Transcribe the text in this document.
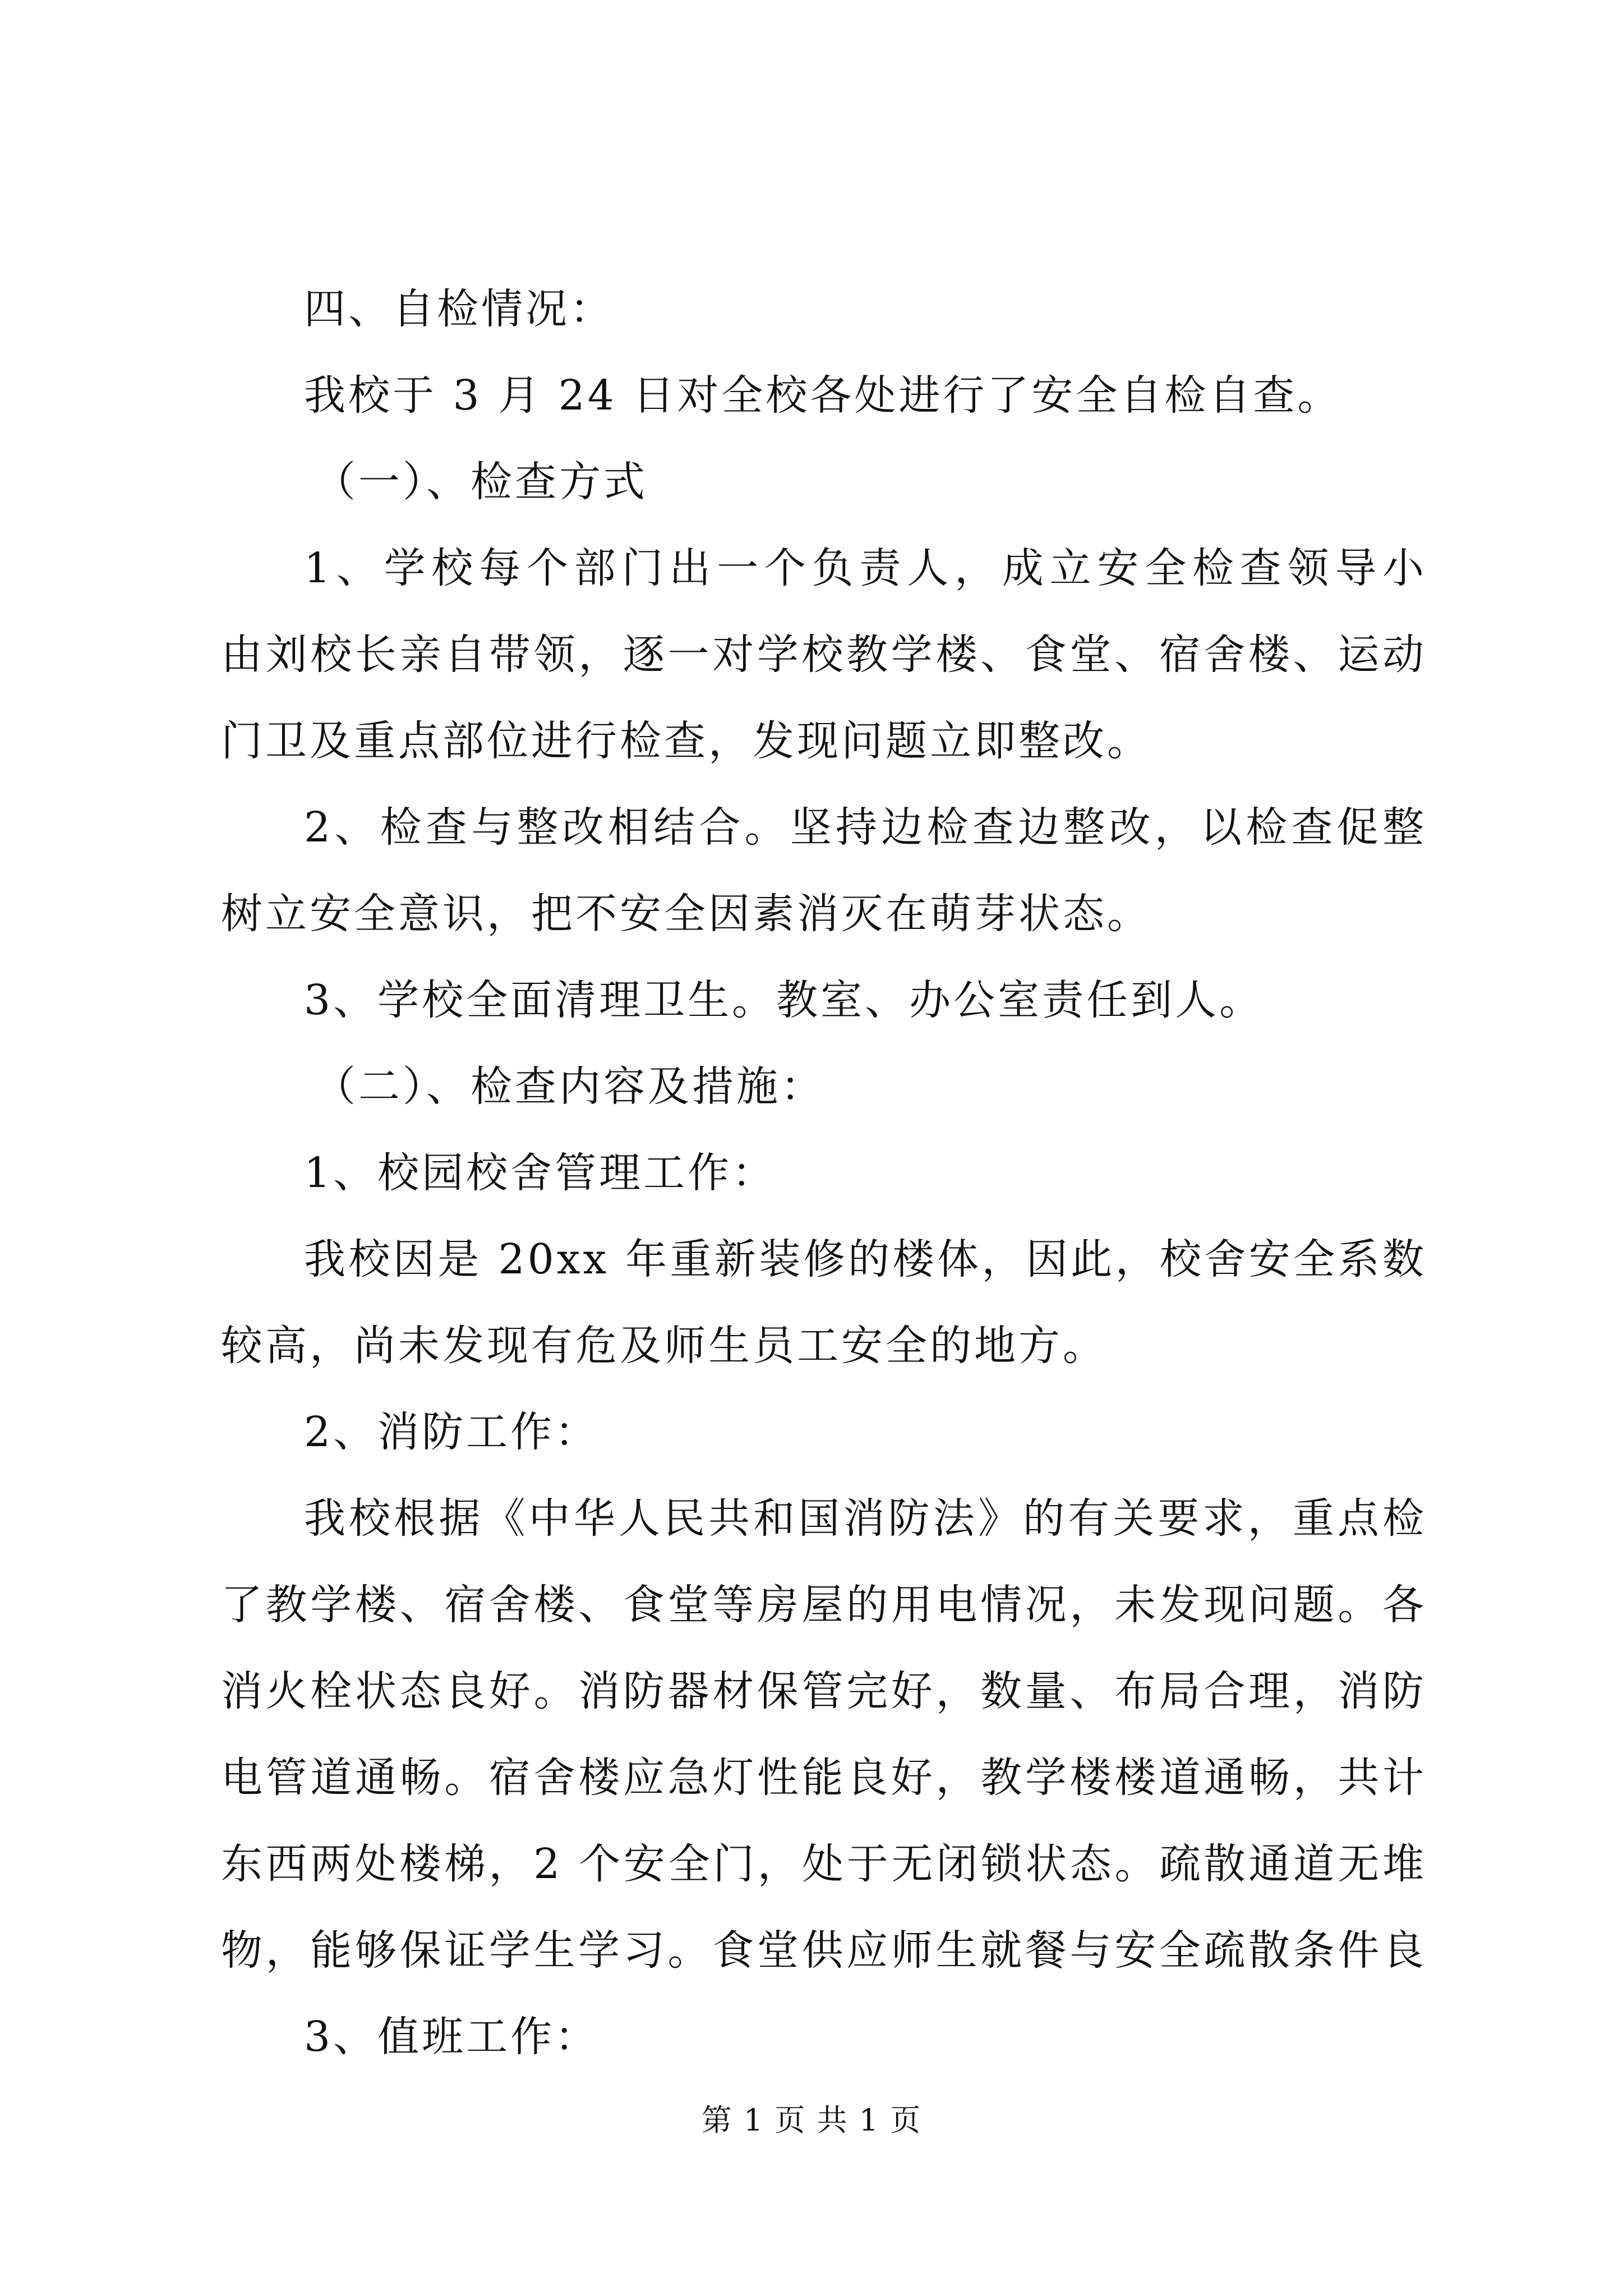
四、自检情况：
我校于 3 月 24 日对全校各处进行了安全自检自查。
（一）、检查方式
1、学校每个部门出一个负责人，成立安全检查领导小
由刘校长亲自带领，逐一对学校教学楼、食堂、宿舍楼、运动
门卫及重点部位进行检查，发现问题立即整改。
2、检查与整改相结合。坚持边检查边整改，以检查促整
树立安全意识，把不安全因素消灭在萌芽状态。
3、学校全面清理卫生。教室、办公室责任到人。
（二）、检查内容及措施：
1、校园校舍管理工作：
我校因是 20xx 年重新装修的楼体，因此，校舍安全系数
较高，尚未发现有危及师生员工安全的地方。
2、消防工作：
我校根据《中华人民共和国消防法》的有关要求，重点检
了教学楼、宿舍楼、食堂等房屋的用电情况，未发现问题。各
消火栓状态良好。消防器材保管完好，数量、布局合理，消防
电管道通畅。宿舍楼应急灯性能良好，教学楼楼道通畅，共计
东西两处楼梯，2 个安全门，处于无闭锁状态。疏散通道无堆
物，能够保证学生学习。食堂供应师生就餐与安全疏散条件良
3、值班工作：
第 1 页 共 1 页
